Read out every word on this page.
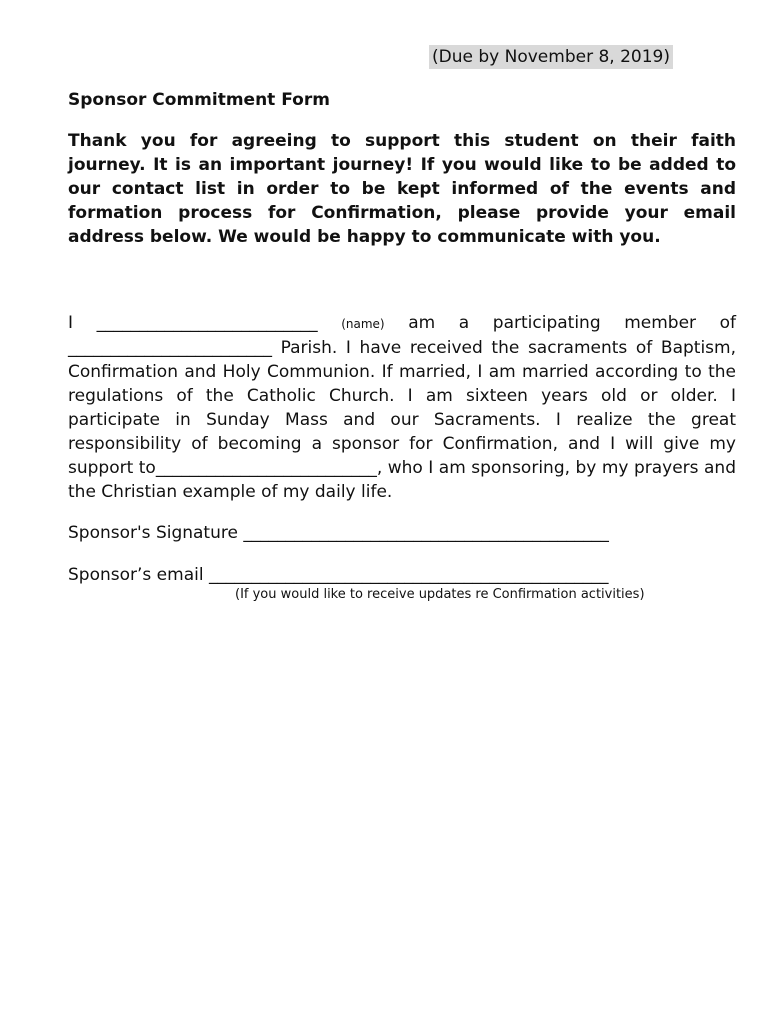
(Due by November 8, 2019)
Sponsor Commitment Form

Thank you for agreeing to support this student on their faith journey. It is an important journey! If you would like to be added to our contact list in order to be kept informed of the events and formation process for Confirmation, please provide your email address below. We would be happy to communicate with you.

I __________________________ (name) am a participating member of ________________________ Parish. I have received the sacraments of Baptism, Confirmation and Holy Communion. If married, I am married according to the regulations of the Catholic Church. I am sixteen years old or older. I participate in Sunday Mass and our Sacraments. I realize the great responsibility of becoming a sponsor for Confirmation, and I will give my support to__________________________, who I am sponsoring, by my prayers and the Christian example of my daily life.

Sponsor's Signature ___________________________________________
Sponsor’s email _______________________________________________
(If you would like to receive updates re Confirmation activities)
